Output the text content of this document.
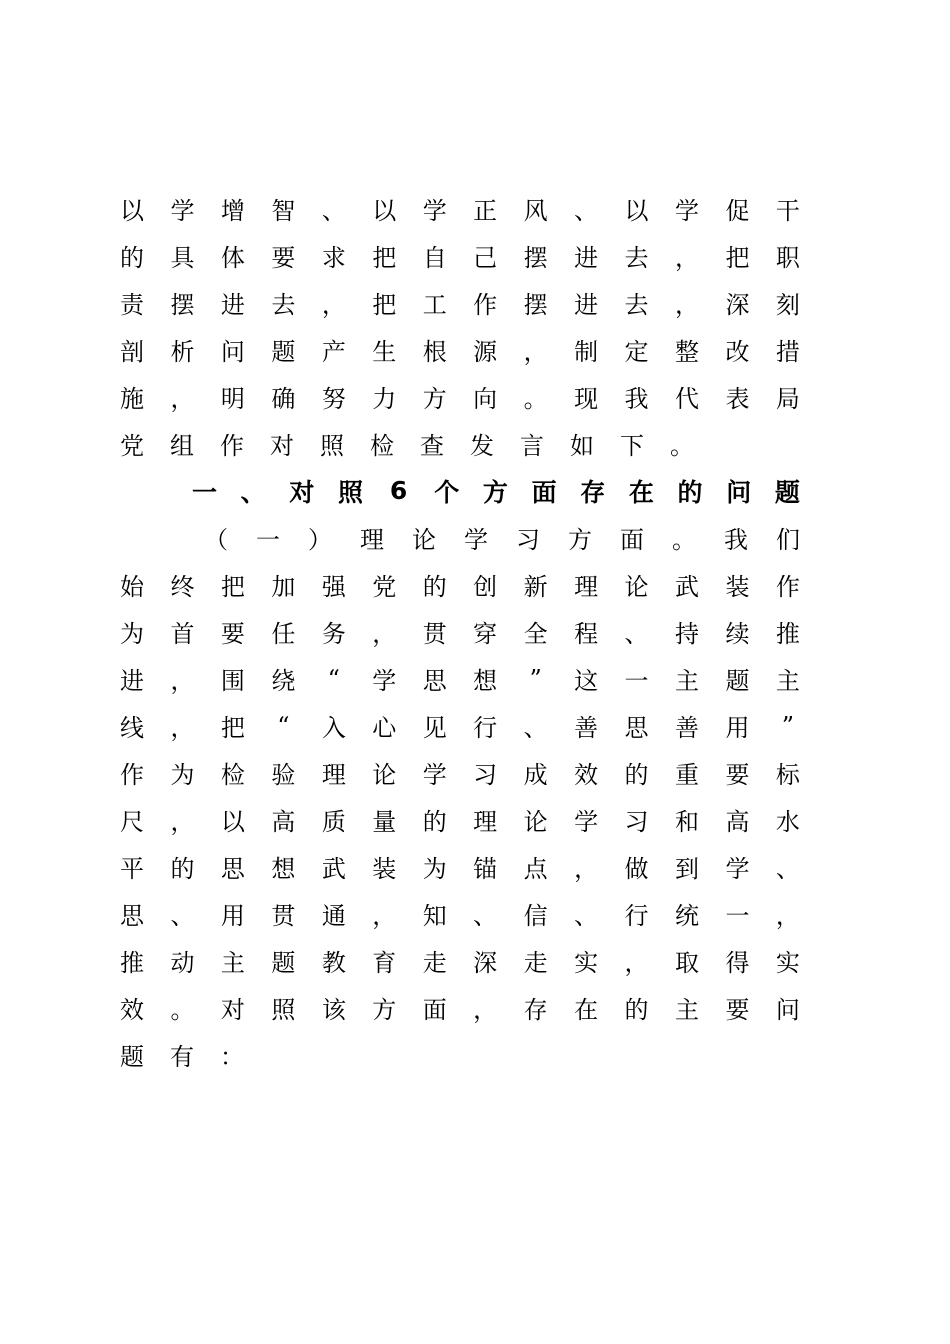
以 学 增 智 、 以 学 正 风 、 以 学 促 干
的 具 体 要 求 把 自 己 摆 进 去 ， 把 职
责 摆 进 去 ， 把 工 作 摆 进 去 ， 深 刻
剖 析 问 题 产 生 根 源 ， 制 定 整 改 措
施 ， 明 确 努 力 方 向 。 现 我 代 表 局
党 组 作 对 照 检 查 发 言 如 下 。
一 、 对 照 6 个 方 面 存 在 的 问 题
（ 一 ） 理 论 学 习 方 面 。 我 们
始 终 把 加 强 党 的 创 新 理 论 武 装 作
为 首 要 任 务 ， 贯 穿 全 程 、 持 续 推
进 ， 围 绕 “ 学 思 想 ” 这 一 主 题 主
线 ， 把 “ 入 心 见 行 、 善 思 善 用 ”
作 为 检 验 理 论 学 习 成 效 的 重 要 标
尺 ， 以 高 质 量 的 理 论 学 习 和 高 水
平 的 思 想 武 装 为 锚 点 ， 做 到 学 、
思 、 用 贯 通 ， 知 、 信 、 行 统 一 ，
推 动 主 题 教 育 走 深 走 实 ， 取 得 实
效 。 对 照 该 方 面 ， 存 在 的 主 要 问
题 有 ：
